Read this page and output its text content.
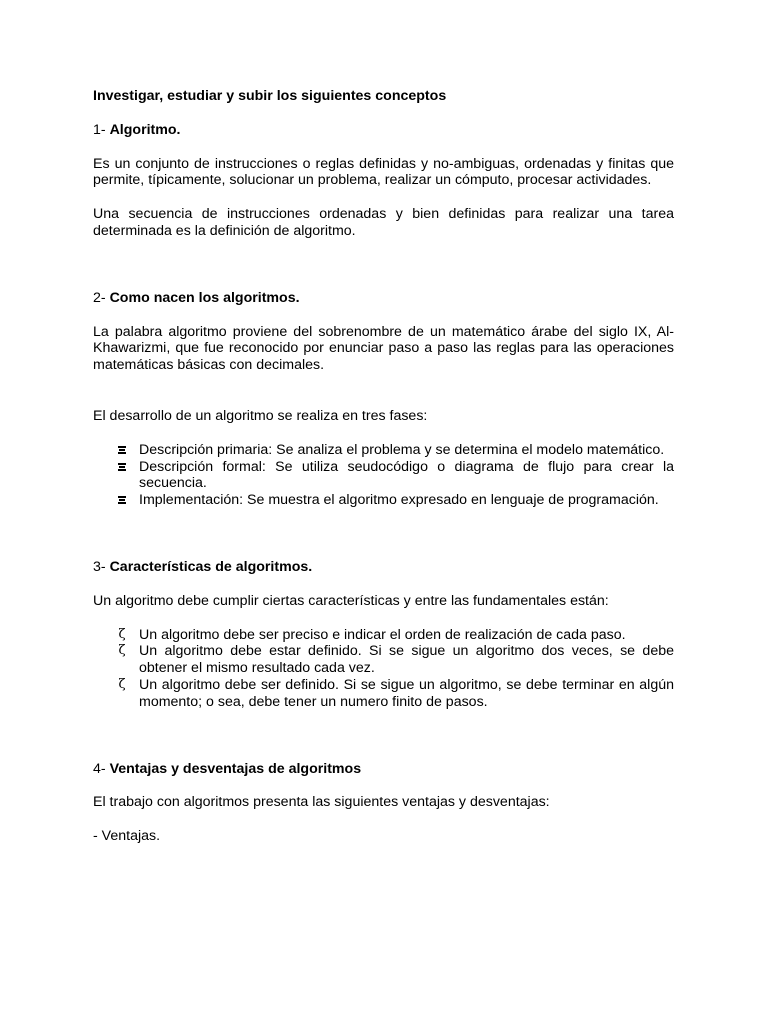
Investigar, estudiar y subir los siguientes conceptos

1- Algoritmo.

Es un conjunto de instrucciones o reglas definidas y no-ambiguas, ordenadas y finitas que permite, típicamente, solucionar un problema, realizar un cómputo, procesar actividades.

Una secuencia de instrucciones ordenadas y bien definidas para realizar una tarea determinada es la definición de algoritmo.

2- Como nacen los algoritmos.

La palabra algoritmo proviene del sobrenombre de un matemático árabe del siglo IX, Al-Khawarizmi, que fue reconocido por enunciar paso a paso las reglas para las operaciones matemáticas básicas con decimales.

El desarrollo de un algoritmo se realiza en tres fases:

Descripción primaria: Se analiza el problema y se determina el modelo matemático.
Descripción formal: Se utiliza seudocódigo o diagrama de flujo para crear la secuencia.
Implementación: Se muestra el algoritmo expresado en lenguaje de programación.

3- Características de algoritmos.

Un algoritmo debe cumplir ciertas características y entre las fundamentales están:

ζ Un algoritmo debe ser preciso e indicar el orden de realización de cada paso.
ζ Un algoritmo debe estar definido. Si se sigue un algoritmo dos veces, se debe obtener el mismo resultado cada vez.
ζ Un algoritmo debe ser definido. Si se sigue un algoritmo, se debe terminar en algún momento; o sea, debe tener un numero finito de pasos.

4- Ventajas y desventajas de algoritmos

El trabajo con algoritmos presenta las siguientes ventajas y desventajas:

- Ventajas.
